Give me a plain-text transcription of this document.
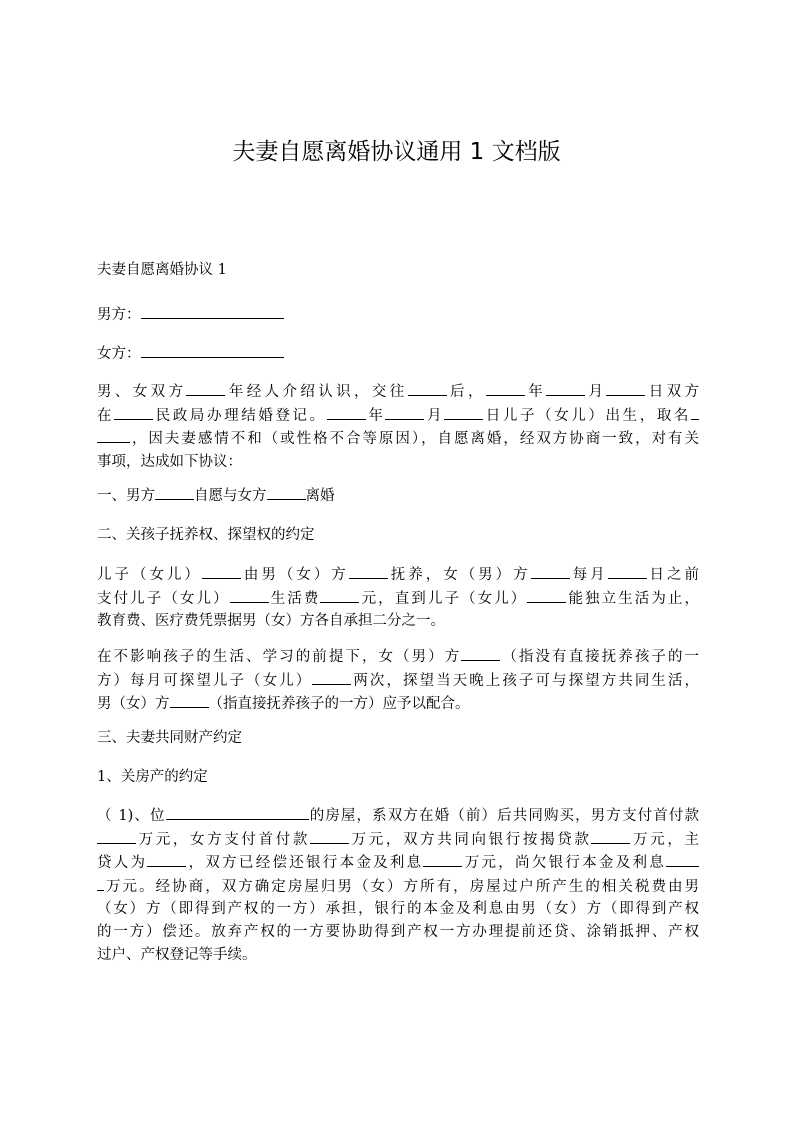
夫妻自愿离婚协议通用 1 文档版

夫妻自愿离婚协议 1

男方：

女方：

男、女双方	年经人介绍认识，交往	后，	年	月	日双方
在	民政局办理结婚登记。	年	月	日儿子（女儿）出生，取名
，因夫妻感情不和（或性格不合等原因），自愿离婚，经双方协商一致，对有关
事项，达成如下协议：

一、男方	自愿与女方	离婚

二、关孩子抚养权、探望权的约定

儿子（女儿）	由男（女）方	抚养，女（男）方	每月	日之前
支付儿子（女儿）	生活费	元，直到儿子（女儿）	能独立生活为止，
教育费、医疗费凭票据男（女）方各自承担二分之一。
在不影响孩子的生活、学习的前提下，女（男）方	（指没有直接抚养孩子的一
方）每月可探望儿子（女儿）	两次，探望当天晚上孩子可与探望方共同生活，
男（女）方	（指直接抚养孩子的一方）应予以配合。

三、夫妻共同财产约定

1、关房产的约定

（ 1)、位	的房屋，系双方在婚（前）后共同购买，男方支付首付款
万元，女方支付首付款	万元，双方共同向银行按揭贷款	万元，主
贷人为	，双方已经偿还银行本金及利息	万元，尚欠银行本金及利息
万元。经协商，双方确定房屋归男（女）方所有，房屋过户所产生的相关税费由男
（女）方（即得到产权的一方）承担，银行的本金及利息由男（女）方（即得到产权
的一方）偿还。放弃产权的一方要协助得到产权一方办理提前还贷、涂销抵押、产权
过户、产权登记等手续。
